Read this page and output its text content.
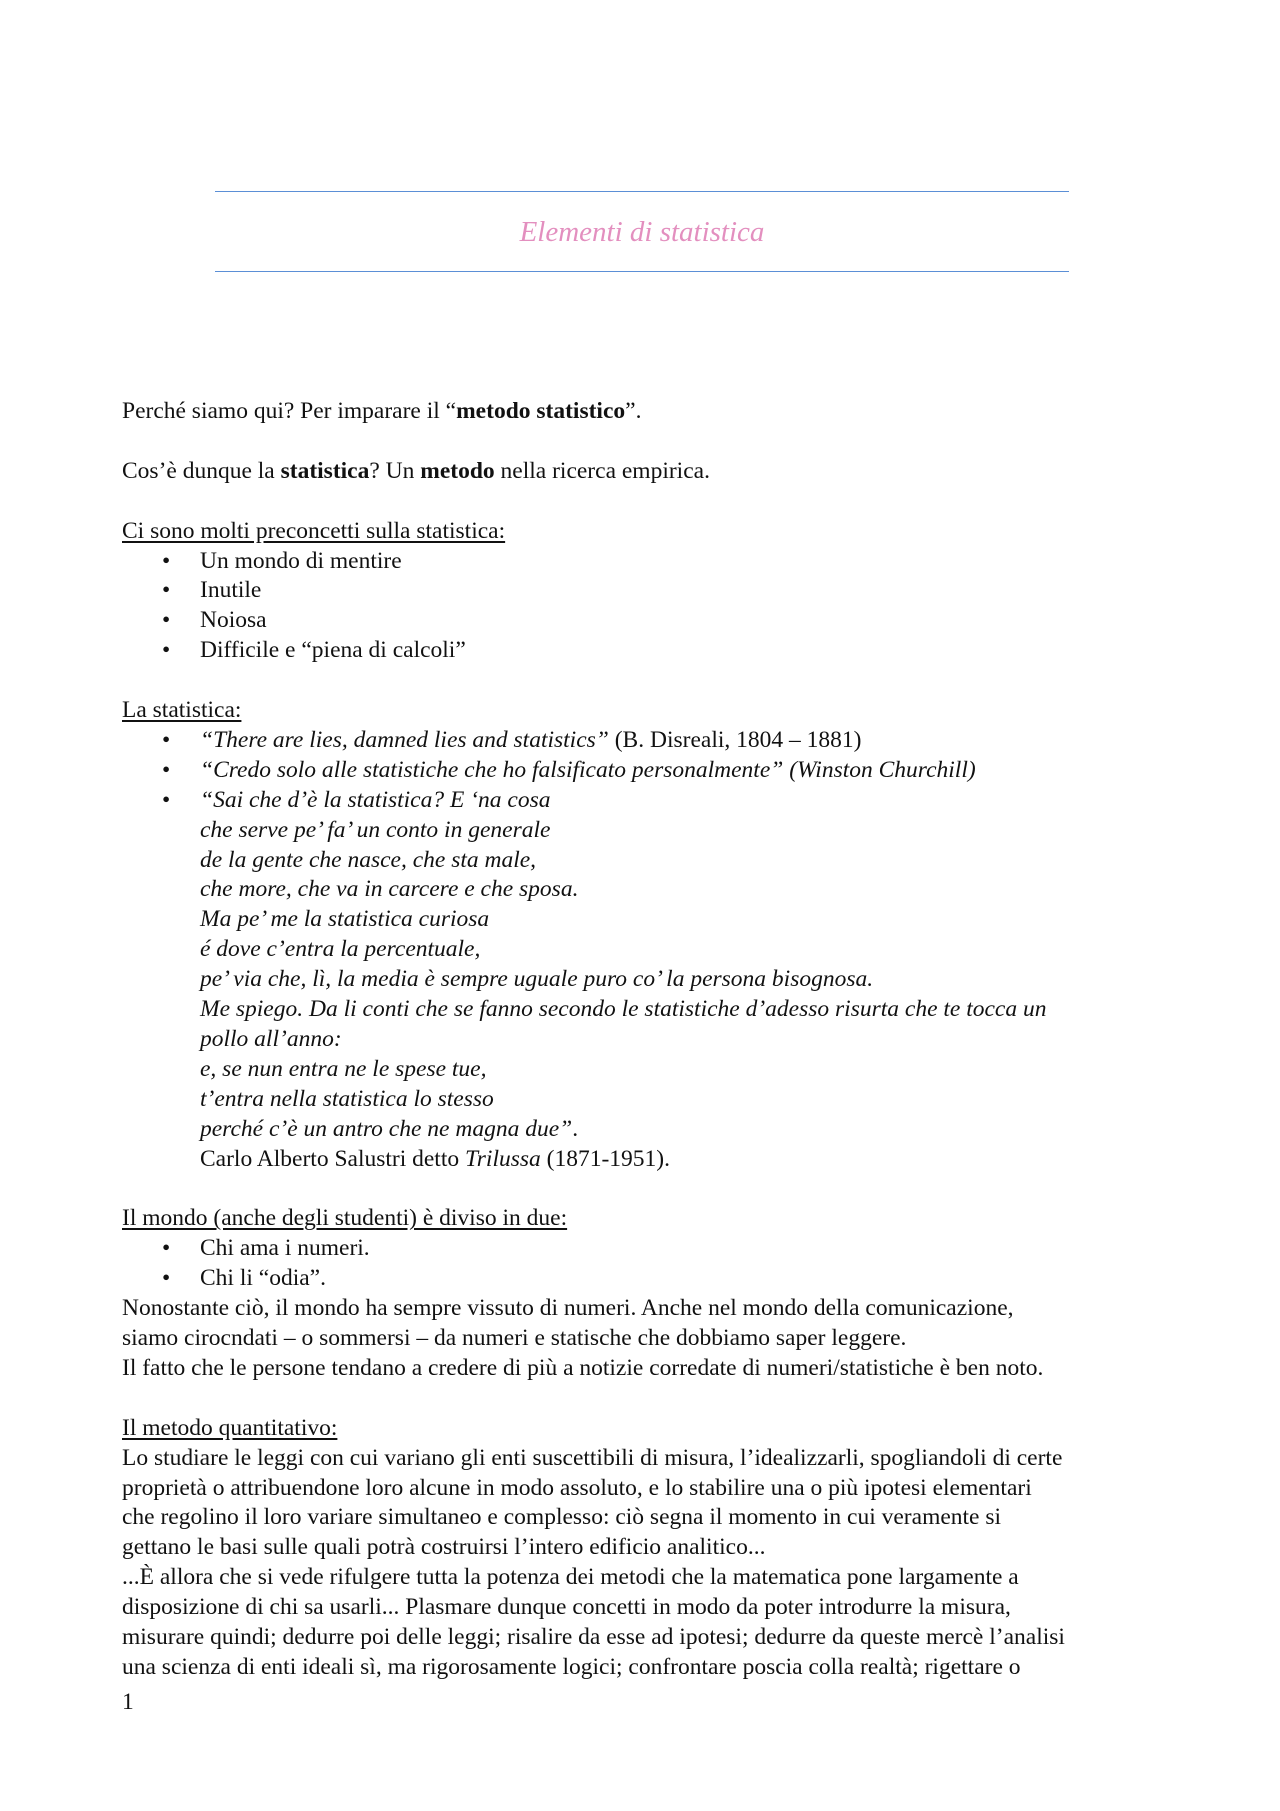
Elementi di statistica

Perché siamo qui? Per imparare il “metodo statistico”.

Cos’è dunque la statistica? Un metodo nella ricerca empirica.

Ci sono molti preconcetti sulla statistica:

• Un mondo di mentire
• Inutile
• Noiosa
• Difficile e “piena di calcoli”

La statistica:

• “There are lies, damned lies and statistics” (B. Disreali, 1804 – 1881)
• “Credo solo alle statistiche che ho falsificato personalmente” (Winston Churchill)
• “Sai che d’è la statistica? E ‘na cosa

che serve pe’ fa’ un conto in generale

de la gente che nasce, che sta male,

che more, che va in carcere e che sposa.

Ma pe’ me la statistica curiosa

é dove c’entra la percentuale,

pe’ via che, lì, la media è sempre uguale puro co’ la persona bisognosa.

Me spiego. Da li conti che se fanno secondo le statistiche d’adesso risurta che te tocca un

pollo all’anno:

e, se nun entra ne le spese tue,

t’entra nella statistica lo stesso

perché c’è un antro che ne magna due”.

Carlo Alberto Salustri detto Trilussa (1871-1951).

Il mondo (anche degli studenti) è diviso in due:

• Chi ama i numeri.
• Chi li “odia”.

Nonostante ciò, il mondo ha sempre vissuto di numeri. Anche nel mondo della comunicazione,

siamo cirocndati – o sommersi – da numeri e statische che dobbiamo saper leggere.

Il fatto che le persone tendano a credere di più a notizie corredate di numeri/statistiche è ben noto.

Il metodo quantitativo:

Lo studiare le leggi con cui variano gli enti suscettibili di misura, l’idealizzarli, spogliandoli di certe

proprietà o attribuendone loro alcune in modo assoluto, e lo stabilire una o più ipotesi elementari

che regolino il loro variare simultaneo e complesso: ciò segna il momento in cui veramente si

gettano le basi sulle quali potrà costruirsi l’intero edificio analitico...

...È allora che si vede rifulgere tutta la potenza dei metodi che la matematica pone largamente a

disposizione di chi sa usarli... Plasmare dunque concetti in modo da poter introdurre la misura,

misurare quindi; dedurre poi delle leggi; risalire da esse ad ipotesi; dedurre da queste mercè l’analisi

una scienza di enti ideali sì, ma rigorosamente logici; confrontare poscia colla realtà; rigettare o

1
